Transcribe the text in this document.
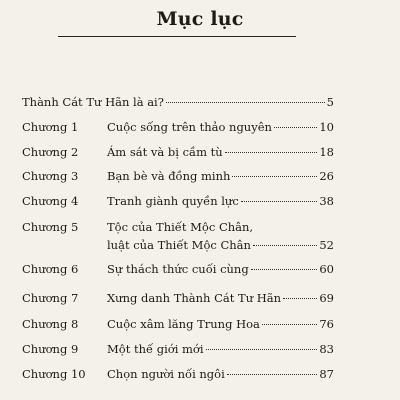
Mục lục
Thành Cát Tư Hãn là ai?	5
Chương 1 Cuộc sống trên thảo nguyên	10
Chương 2 Ám sát và bị cầm tù	18
Chương 3 Bạn bè và đồng minh	26
Chương 4 Tranh giành quyền lực	38
Chương 5 Tộc của Thiết Mộc Chân,
luật của Thiết Mộc Chân	52
Chương 6 Sự thách thức cuối cùng	60
Chương 7 Xưng danh Thành Cát Tư Hãn	69
Chương 8 Cuộc xâm lăng Trung Hoa	76
Chương 9 Một thế giới mới	83
Chương 10 Chọn người nối ngôi	87
